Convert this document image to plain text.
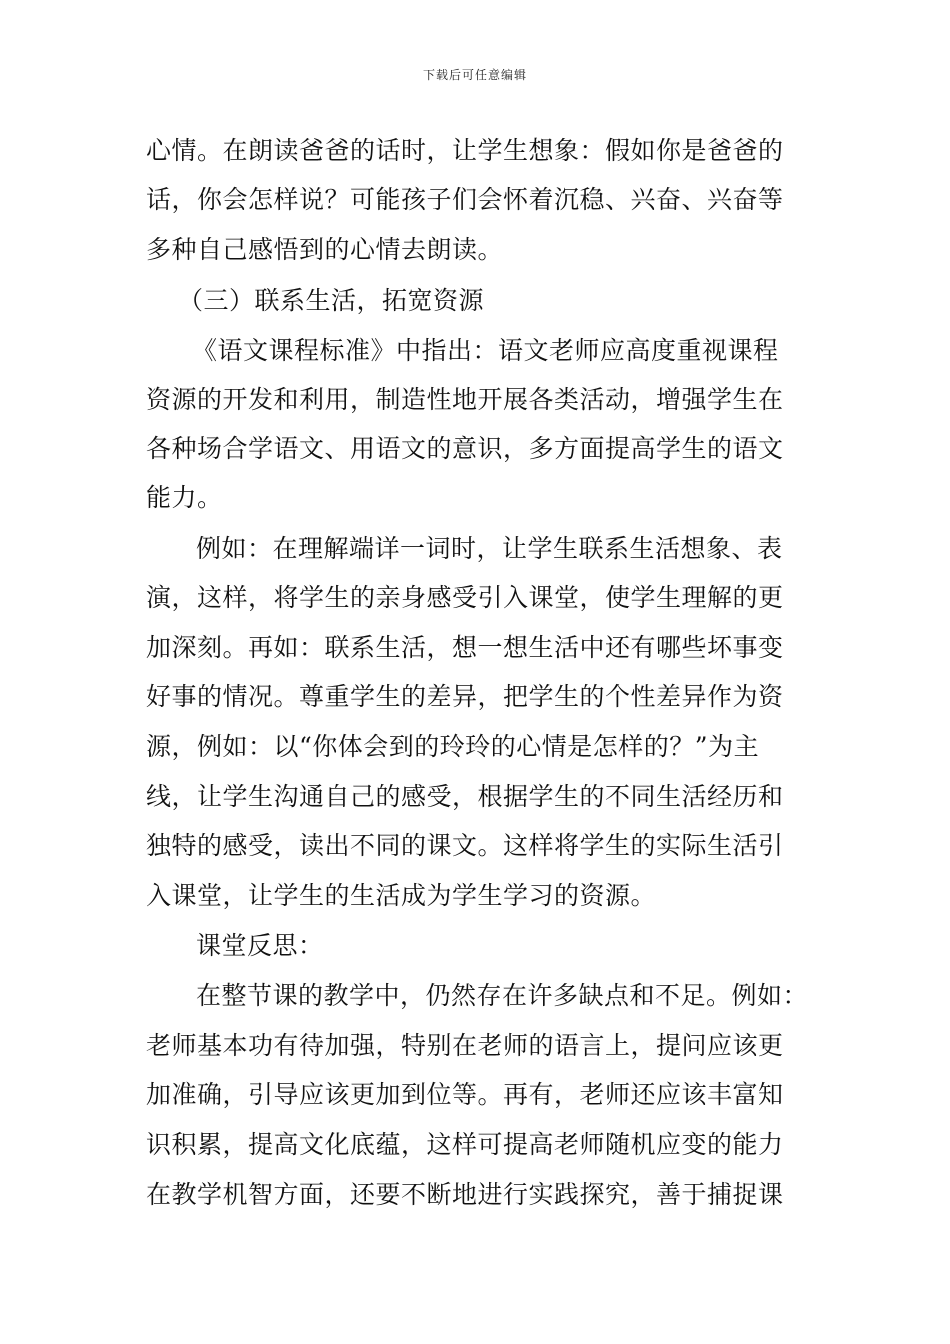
下载后可任意编辑
心情。在朗读爸爸的话时，让学生想象：假如你是爸爸的
话，你会怎样说？可能孩子们会怀着沉稳、兴奋、兴奋等
多种自己感悟到的心情去朗读。
（三）联系生活，拓宽资源
《语文课程标准》中指出：语文老师应高度重视课程
资源的开发和利用，制造性地开展各类活动，增强学生在
各种场合学语文、用语文的意识，多方面提高学生的语文
能力。
例如：在理解端详一词时，让学生联系生活想象、表
演，这样，将学生的亲身感受引入课堂，使学生理解的更
加深刻。再如：联系生活，想一想生活中还有哪些坏事变
好事的情况。尊重学生的差异，把学生的个性差异作为资
源，例如：以“你体会到的玲玲的心情是怎样的？”为主
线，让学生沟通自己的感受，根据学生的不同生活经历和
独特的感受，读出不同的课文。这样将学生的实际生活引
入课堂，让学生的生活成为学生学习的资源。
课堂反思：
在整节课的教学中，仍然存在许多缺点和不足。例如：
老师基本功有待加强，特别在老师的语言上，提问应该更
加准确，引导应该更加到位等。再有，老师还应该丰富知
识积累，提高文化底蕴，这样可提高老师随机应变的能力
在教学机智方面，还要不断地进行实践探究，善于捕捉课
